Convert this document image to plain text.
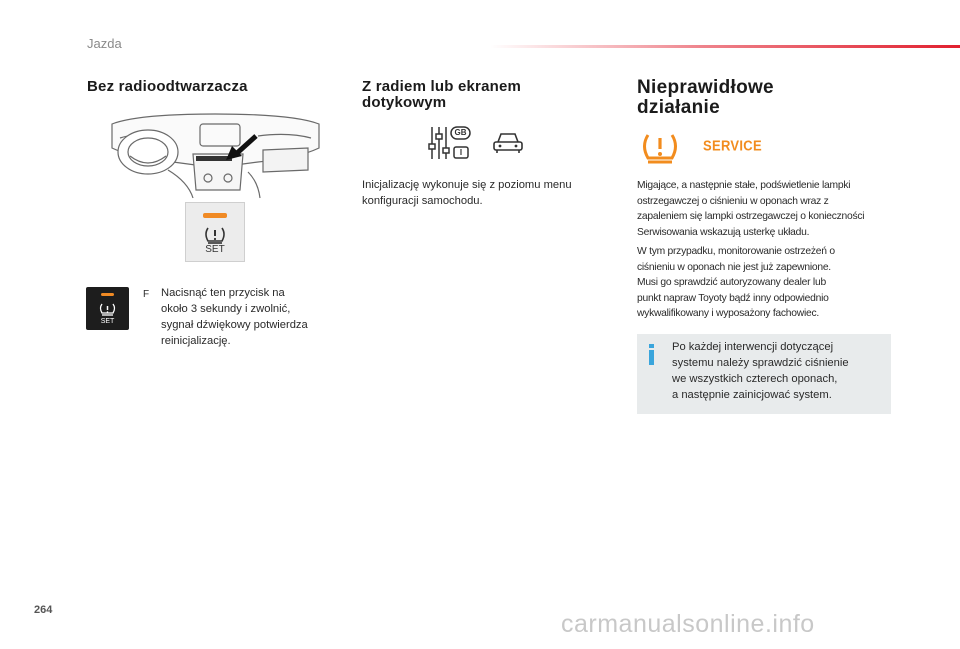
Jazda
Bez radioodtwarzacza
SET
SET
F Nacisnąć ten przycisk na
około 3 sekundy i zwolnić,
sygnał dźwiękowy potwierdza
reinicjalizację.
Z radiem lub ekranem
dotykowym
GB
I
Inicjalizację wykonuje się z poziomu menu
konfiguracji samochodu.
Nieprawidłowe
działanie
SERVICE
Migające, a następnie stałe, podświetlenie lampki
ostrzegawczej o ciśnieniu w oponach wraz z
zapaleniem się lampki ostrzegawczej o konieczności
Serwisowania wskazują usterkę układu.
W tym przypadku, monitorowanie ostrzeżeń o
ciśnieniu w oponach nie jest już zapewnione.
Musi go sprawdzić autoryzowany dealer lub
punkt napraw Toyoty bądź inny odpowiednio
wykwalifikowany i wyposażony fachowiec.
Po każdej interwencji dotyczącej
systemu należy sprawdzić ciśnienie
we wszystkich czterech oponach,
a następnie zainicjować system.
264	carmanualsonline.info
